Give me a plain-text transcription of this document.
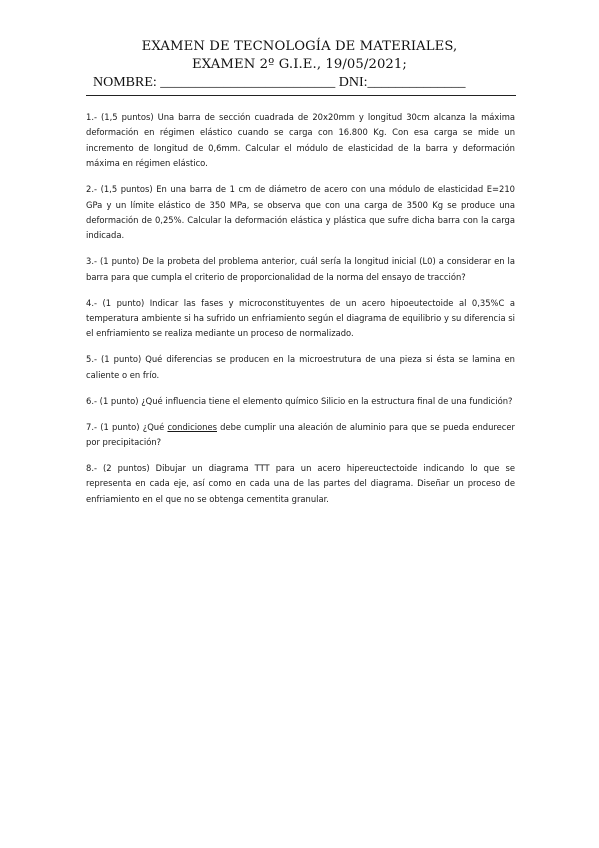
EXAMEN DE TECNOLOGÍA DE MATERIALES,
EXAMEN 2º G.I.E., 19/05/2021;
NOMBRE: _________________________ DNI:______________

1.- (1,5 puntos) Una barra de sección cuadrada de 20x20mm y longitud 30cm alcanza la máxima deformación en régimen elástico cuando se carga con 16.800 Kg. Con esa carga se mide un incremento de longitud de 0,6mm. Calcular el módulo de elasticidad de la barra y deformación máxima en régimen elástico.

2.- (1,5 puntos) En una barra de 1 cm de diámetro de acero con una módulo de elasticidad E=210 GPa y un límite elástico de 350 MPa, se observa que con una carga de 3500 Kg se produce una deformación de 0,25%. Calcular la deformación elástica y plástica que sufre dicha barra con la carga indicada.

3.- (1 punto) De la probeta del problema anterior, cuál sería la longitud inicial (L0) a considerar en la barra para que cumpla el criterio de proporcionalidad de la norma del ensayo de tracción?

4.- (1 punto) Indicar las fases y microconstituyentes de un acero hipoeutectoide al 0,35%C a temperatura ambiente si ha sufrido un enfriamiento según el diagrama de equilibrio y su diferencia si el enfriamiento se realiza mediante un proceso de normalizado.

5.- (1 punto) Qué diferencias se producen en la microestrutura de una pieza si ésta se lamina en caliente o en frío.

6.- (1 punto) ¿Qué influencia tiene el elemento químico Silicio en la estructura final de una fundición?

7.- (1 punto) ¿Qué condiciones debe cumplir una aleación de aluminio para que se pueda endurecer por precipitación?

8.- (2 puntos) Dibujar un diagrama TTT para un acero hipereuctectoide indicando lo que se representa en cada eje, así como en cada una de las partes del diagrama. Diseñar un proceso de enfriamiento en el que no se obtenga cementita granular.
